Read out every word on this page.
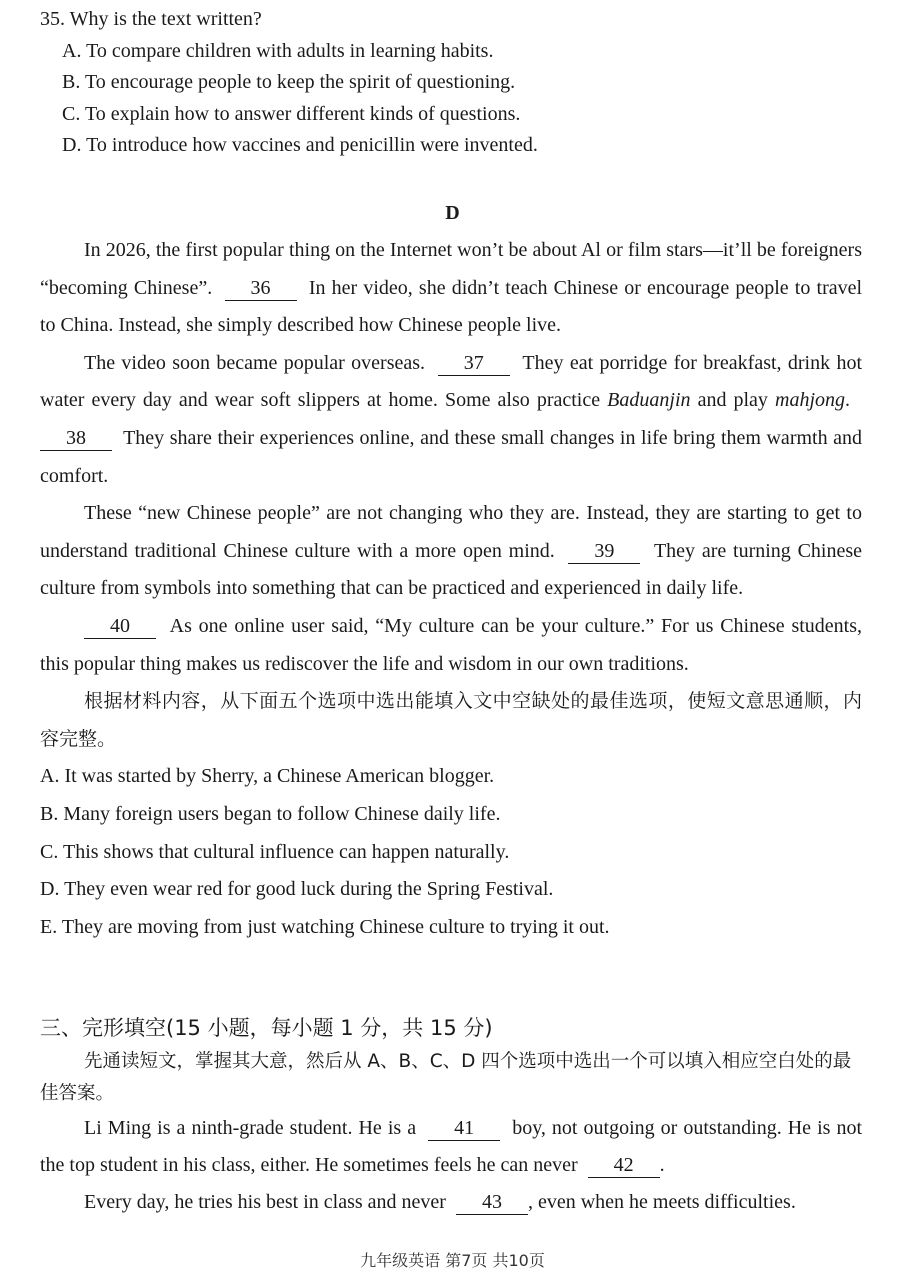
35. Why is the text written?

A. To compare children with adults in learning habits.

B. To encourage people to keep the spirit of questioning.

C. To explain how to answer different kinds of questions.

D. To introduce how vaccines and penicillin were invented.

D

In 2026, the first popular thing on the Internet won’t be about Al or film stars—it’ll be foreigners “becoming Chinese”. 36 In her video, she didn’t teach Chinese or encourage people to travel to China. Instead, she simply described how Chinese people live.

The video soon became popular overseas. 37 They eat porridge for breakfast, drink hot water every day and wear soft slippers at home. Some also practice Baduanjin and play mahjong.  38 They share their experiences online, and these small changes in life bring them warmth and comfort.

These “new Chinese people” are not changing who they are. Instead, they are starting to get to understand traditional Chinese culture with a more open mind. 39 They are turning Chinese culture from symbols into something that can be practiced and experienced in daily life.

40 As one online user said, “My culture can be your culture.” For us Chinese students, this popular thing makes us rediscover the life and wisdom in our own traditions.

根据材料内容，从下面五个选项中选出能填入文中空缺处的最佳选项，使短文意思通顺，内容完整。

A. It was started by Sherry, a Chinese American blogger.

B. Many foreign users began to follow Chinese daily life.

C. This shows that cultural influence can happen naturally.

D. They even wear red for good luck during the Spring Festival.

E. They are moving from just watching Chinese culture to trying it out.

三、完形填空(15 小题，每小题 1 分，共 15 分)

先通读短文，掌握其大意，然后从 A、B、C、D 四个选项中选出一个可以填入相应空白处的最佳答案。

Li Ming is a ninth-grade student. He is a 41 boy, not outgoing or outstanding. He is not the top student in his class, either. He sometimes feels he can never 42 .

Every day, he tries his best in class and never 43 , even when he meets difficulties.

九年级英语 第7页 共10页
